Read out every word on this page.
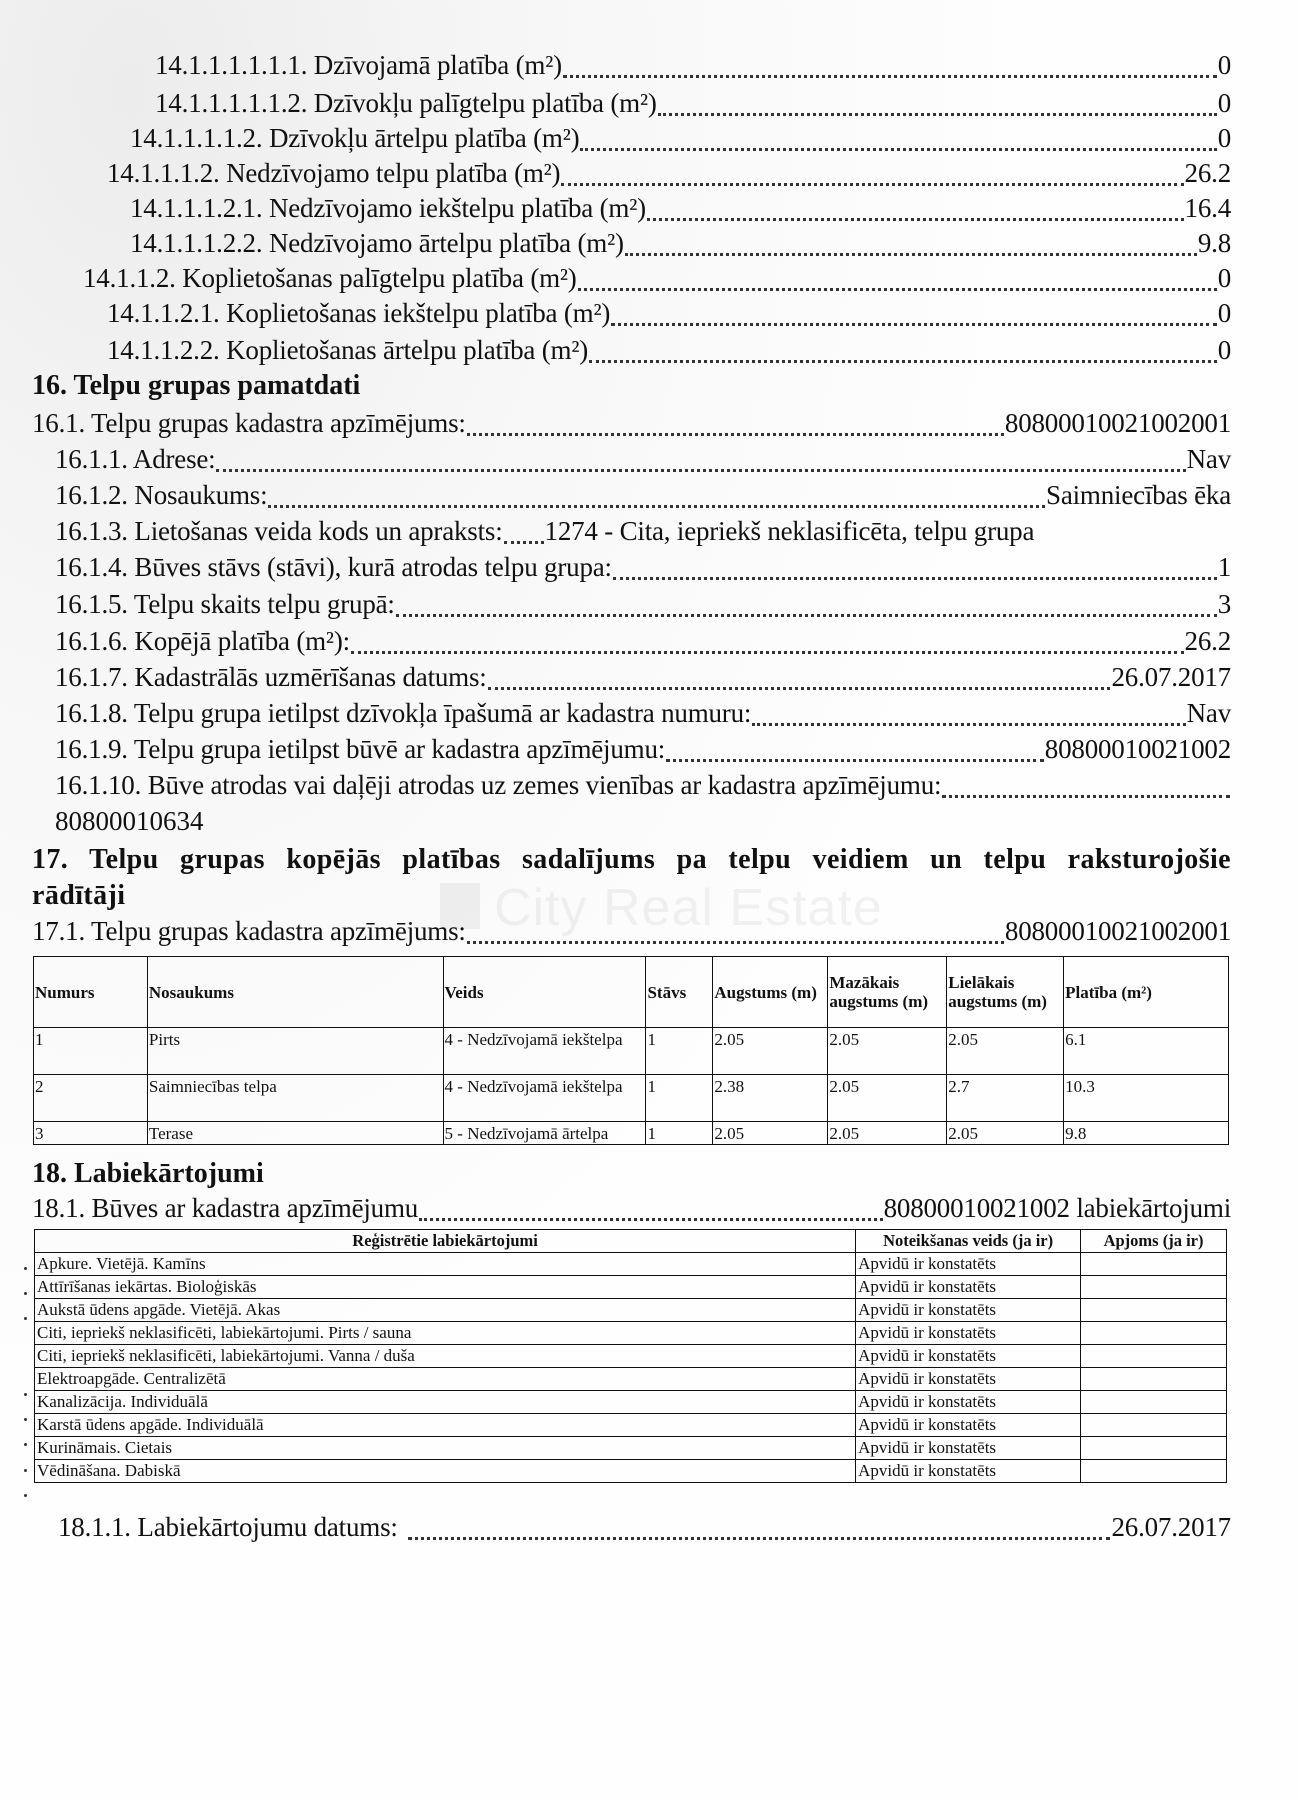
City Real Estate
14.1.1.1.1.1.1. Dzīvojamā platība (m²)	0
14.1.1.1.1.1.2. Dzīvokļu palīgtelpu platība (m²)	0
14.1.1.1.1.2. Dzīvokļu ārtelpu platība (m²)	0
14.1.1.1.2. Nedzīvojamo telpu platība (m²)	26.2
14.1.1.1.2.1. Nedzīvojamo iekštelpu platība (m²)	16.4
14.1.1.1.2.2. Nedzīvojamo ārtelpu platība (m²)	9.8
14.1.1.2. Koplietošanas palīgtelpu platība (m²)	0
14.1.1.2.1. Koplietošanas iekštelpu platība (m²)	0
14.1.1.2.2. Koplietošanas ārtelpu platība (m²)	0
16. Telpu grupas pamatdati
16.1. Telpu grupas kadastra apzīmējums:	80800010021002001
16.1.1. Adrese:	Nav
16.1.2. Nosaukums:	Saimniecības ēka
16.1.3. Lietošanas veida kods un apraksts: 1274 - Cita, iepriekš neklasificēta, telpu grupa
16.1.4. Būves stāvs (stāvi), kurā atrodas telpu grupa:	1
16.1.5. Telpu skaits telpu grupā:	3
16.1.6. Kopējā platība (m²):	26.2
16.1.7. Kadastrālās uzmērīšanas datums:	26.07.2017
16.1.8. Telpu grupa ietilpst dzīvokļa īpašumā ar kadastra numuru:	Nav
16.1.9. Telpu grupa ietilpst būvē ar kadastra apzīmējumu:	80800010021002
16.1.10. Būve atrodas vai daļēji atrodas uz zemes vienības ar kadastra apzīmējumu:
80800010634
17. Telpu grupas kopējās platības sadalījums pa telpu veidiem un telpu raksturojošie rādītāji
17.1. Telpu grupas kadastra apzīmējums:	80800010021002001
Numurs	Nosaukums	Veids	Stāvs	Augstums (m)	Mazākais augstums (m)	Lielākais augstums (m)	Platība (m²)
1	Pirts	4 - Nedzīvojamā iekštelpa	1	2.05	2.05	2.05	6.1
2	Saimniecības telpa	4 - Nedzīvojamā iekštelpa	1	2.38	2.05	2.7	10.3
3	Terase	5 - Nedzīvojamā ārtelpa	1	2.05	2.05	2.05	9.8
18. Labiekārtojumi
18.1. Būves ar kadastra apzīmējumu	80800010021002 labiekārtojumi
Reģistrētie labiekārtojumi	Noteikšanas veids (ja ir)	Apjoms (ja ir)
Apkure. Vietējā. Kamīns	Apvidū ir konstatēts	
Attīrīšanas iekārtas. Bioloģiskās	Apvidū ir konstatēts	
Aukstā ūdens apgāde. Vietējā. Akas	Apvidū ir konstatēts	
Citi, iepriekš neklasificēti, labiekārtojumi. Pirts / sauna	Apvidū ir konstatēts	
Citi, iepriekš neklasificēti, labiekārtojumi. Vanna / duša	Apvidū ir konstatēts	
Elektroapgāde. Centralizētā	Apvidū ir konstatēts	
Kanalizācija. Individuālā	Apvidū ir konstatēts	
Karstā ūdens apgāde. Individuālā	Apvidū ir konstatēts	
Kurināmais. Cietais	Apvidū ir konstatēts	
Vēdināšana. Dabiskā	Apvidū ir konstatēts	
18.1.1. Labiekārtojumu datums:	26.07.2017
